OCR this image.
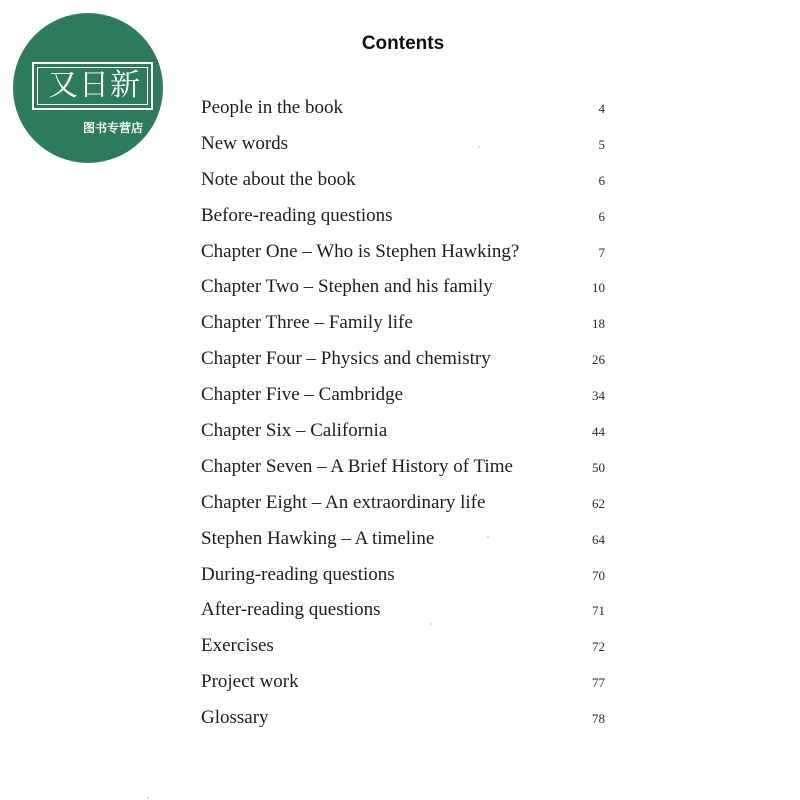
又日新
图书专营店
Contents
People in the book	4
New words	5
Note about the book	6
Before-reading questions	6
Chapter One – Who is Stephen Hawking?	7
Chapter Two – Stephen and his family	10
Chapter Three – Family life	18
Chapter Four – Physics and chemistry	26
Chapter Five – Cambridge	34
Chapter Six – California	44
Chapter Seven – A Brief History of Time	50
Chapter Eight – An extraordinary life	62
Stephen Hawking – A timeline	64
During-reading questions	70
After-reading questions	71
Exercises	72
Project work	77
Glossary	78
